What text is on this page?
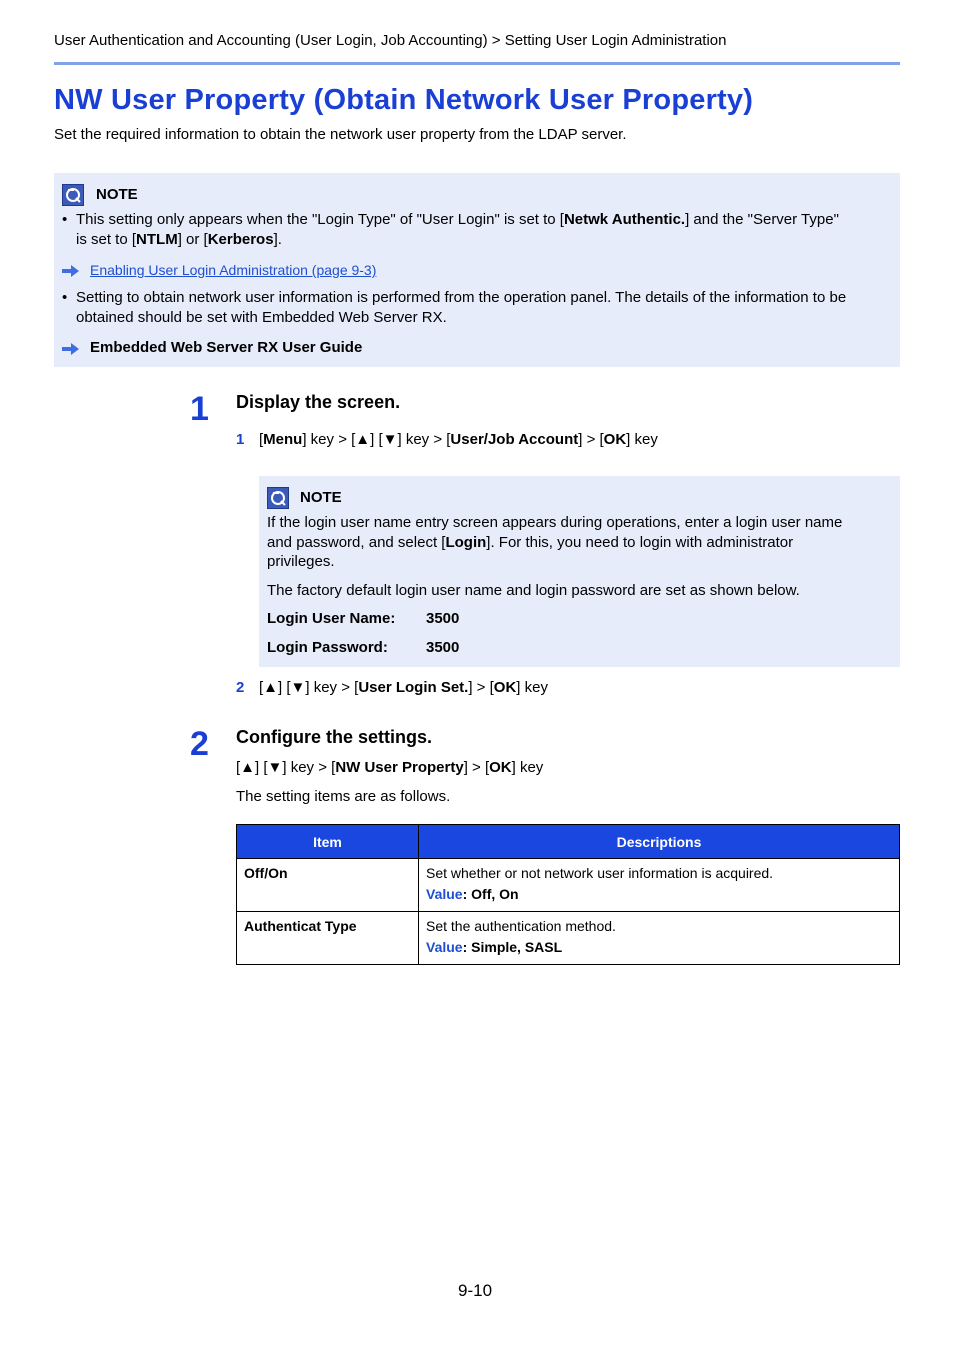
User Authentication and Accounting (User Login, Job Accounting) > Setting User Login Administration
NW User Property (Obtain Network User Property)
Set the required information to obtain the network user property from the LDAP server.
NOTE
• This setting only appears when the "Login Type" of "User Login" is set to [Netwk Authentic.] and the "Server Type"
is set to [NTLM] or [Kerberos].
Enabling User Login Administration (page 9-3)
• Setting to obtain network user information is performed from the operation panel. The details of the information to be
obtained should be set with Embedded Web Server RX.
Embedded Web Server RX User Guide
1 Display the screen.
1 [Menu] key > [▲] [▼] key > [User/Job Account] > [OK] key
NOTE
If the login user name entry screen appears during operations, enter a login user name
and password, and select [Login]. For this, you need to login with administrator
privileges.
The factory default login user name and login password are set as shown below.
Login User Name: 3500
Login Password:	3500
2 [▲] [▼] key > [User Login Set.] > [OK] key
2 Configure the settings.
[▲] [▼] key > [NW User Property] > [OK] key
The setting items are as follows.
Item	Descriptions
Off/On	Set whether or not network user information is acquired.
Value: Off, On

Authenticat Type	Set the authentication method.
Value: Simple, SASL
9-10
